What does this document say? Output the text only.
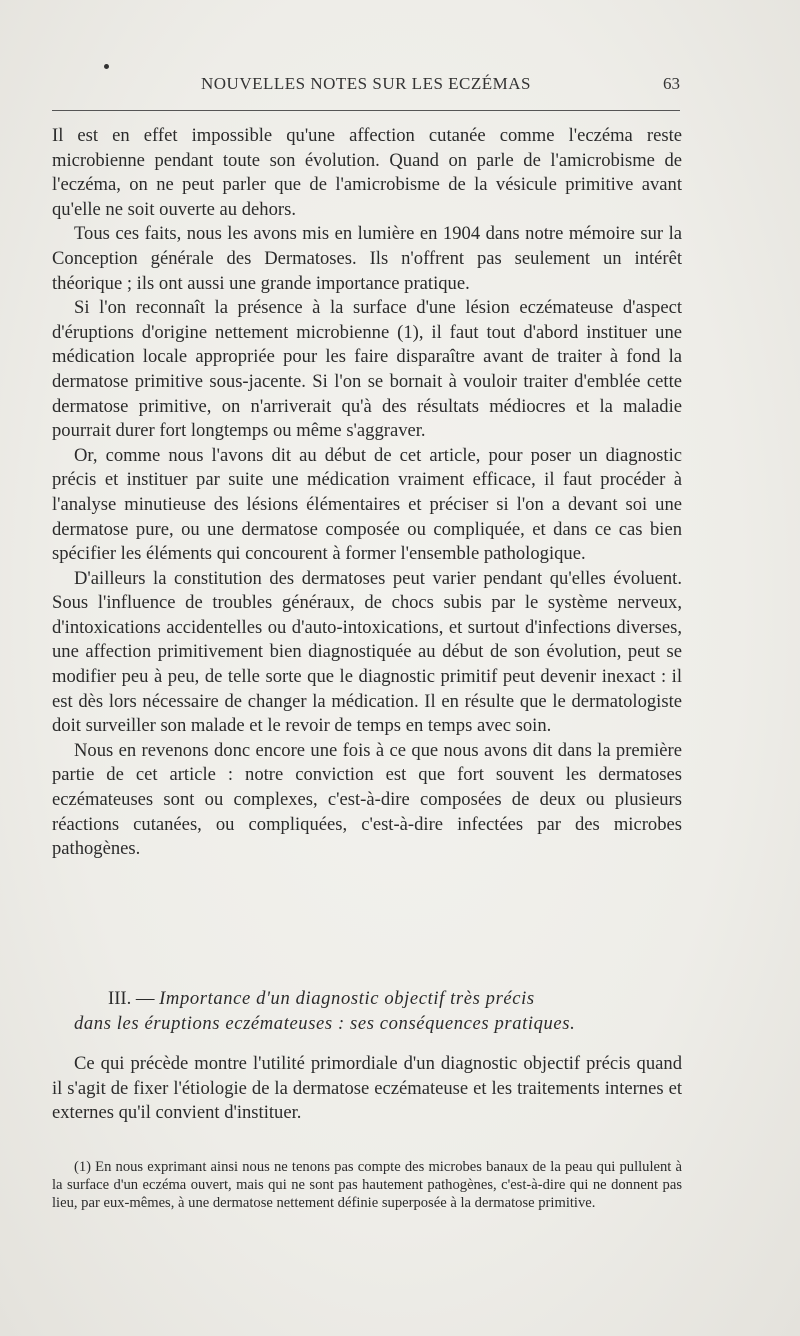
NOUVELLES NOTES SUR LES ECZÉMAS	63

Il est en effet impossible qu'une affection cutanée comme l'eczéma reste microbienne pendant toute son évolution. Quand on parle de l'amicrobisme de l'eczéma, on ne peut parler que de l'amicrobisme de la vésicule primitive avant qu'elle ne soit ouverte au dehors.

Tous ces faits, nous les avons mis en lumière en 1904 dans notre mémoire sur la Conception générale des Dermatoses. Ils n'offrent pas seulement un intérêt théorique ; ils ont aussi une grande importance pratique.

Si l'on reconnaît la présence à la surface d'une lésion eczémateuse d'aspect d'éruptions d'origine nettement microbienne (1), il faut tout d'abord instituer une médication locale appropriée pour les faire disparaître avant de traiter à fond la dermatose primitive sous-jacente. Si l'on se bornait à vouloir traiter d'emblée cette dermatose primitive, on n'arriverait qu'à des résultats médiocres et la maladie pourrait durer fort longtemps ou même s'aggraver.

Or, comme nous l'avons dit au début de cet article, pour poser un diagnostic précis et instituer par suite une médication vraiment efficace, il faut procéder à l'analyse minutieuse des lésions élémentaires et préciser si l'on a devant soi une dermatose pure, ou une dermatose composée ou compliquée, et dans ce cas bien spécifier les éléments qui concourent à former l'ensemble pathologique.

D'ailleurs la constitution des dermatoses peut varier pendant qu'elles évoluent. Sous l'influence de troubles généraux, de chocs subis par le système nerveux, d'intoxications accidentelles ou d'auto-intoxications, et surtout d'infections diverses, une affection primitivement bien diagnostiquée au début de son évolution, peut se modifier peu à peu, de telle sorte que le diagnostic primitif peut devenir inexact : il est dès lors nécessaire de changer la médication. Il en résulte que le dermatologiste doit surveiller son malade et le revoir de temps en temps avec soin.

Nous en revenons donc encore une fois à ce que nous avons dit dans la première partie de cet article : notre conviction est que fort souvent les dermatoses eczémateuses sont ou complexes, c'est-à-dire composées de deux ou plusieurs réactions cutanées, ou compliquées, c'est-à-dire infectées par des microbes pathogènes.

III. — Importance d'un diagnostic objectif très précis
dans les éruptions eczémateuses : ses conséquences pratiques.

Ce qui précède montre l'utilité primordiale d'un diagnostic objectif précis quand il s'agit de fixer l'étiologie de la dermatose eczémateuse et les traitements internes et externes qu'il convient d'instituer.

(1) En nous exprimant ainsi nous ne tenons pas compte des microbes banaux de la peau qui pullulent à la surface d'un eczéma ouvert, mais qui ne sont pas hautement pathogènes, c'est-à-dire qui ne donnent pas lieu, par eux-mêmes, à une dermatose nettement définie superposée à la dermatose primitive.
